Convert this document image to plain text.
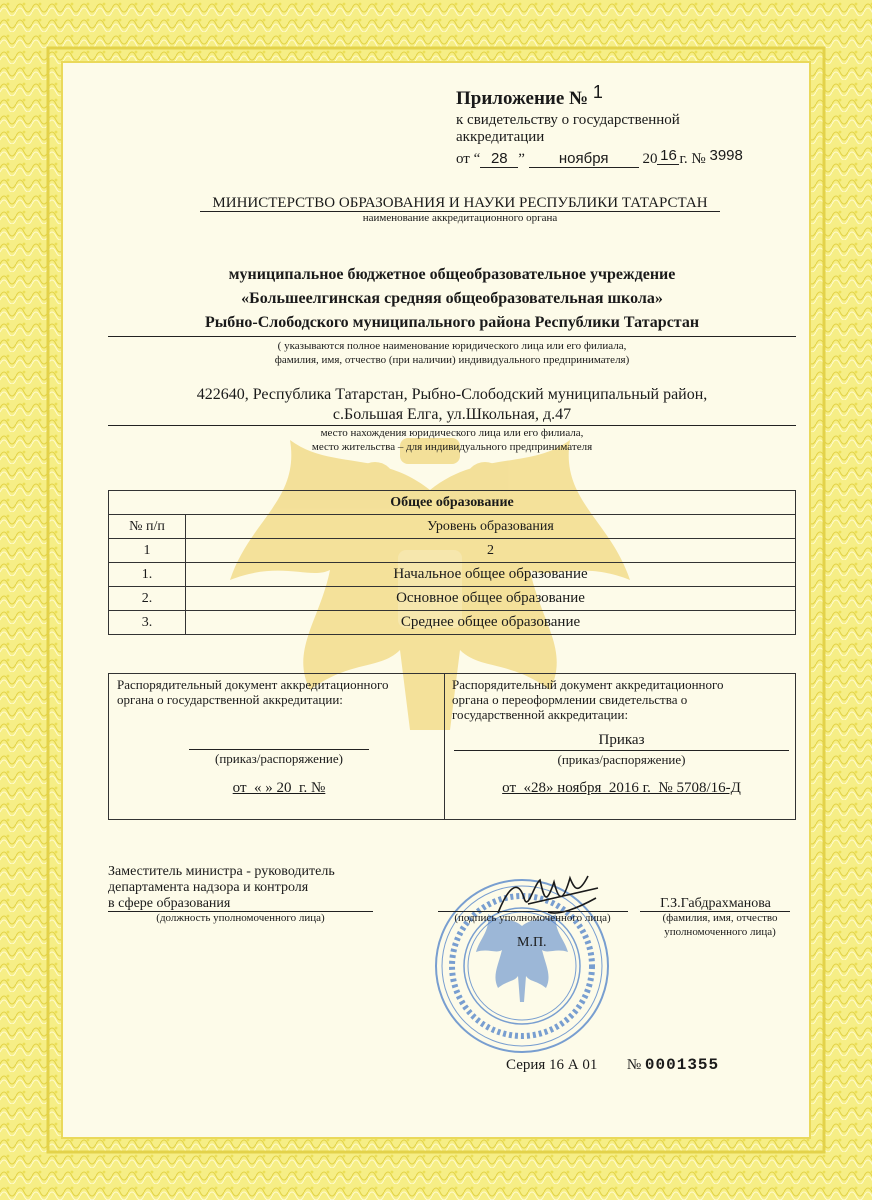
Приложение № 1
к свидетельству о государственной
аккредитации
от “ 28 ” ноября 20 16 г. № 3998
МИНИСТЕРСТВО ОБРАЗОВАНИЯ И НАУКИ РЕСПУБЛИКИ ТАТАРСТАН
наименование аккредитационного органа
муниципальное бюджетное общеобразовательное учреждение
«Большеелгинская средняя общеобразовательная школа»
Рыбно-Слободского муниципального района Республики Татарстан
( указываются полное наименование юридического лица или его филиала,
фамилия, имя, отчество (при наличии) индивидуального предпринимателя)
422640, Республика Татарстан, Рыбно-Слободский муниципальный район,
с.Большая Елга, ул.Школьная, д.47
место нахождения юридического лица или его филиала,
место жительства – для индивидуального предпринимателя
Общее образование	
№ п/п	Уровень образования
1	2
1.	Начальное общее образование
2.	Основное общее образование
3.	Среднее общее образование
Распорядительный документ аккредитационного
органа о государственной аккредитации:
(приказ/распоряжение)
от  « » 20  г. №
Распорядительный документ аккредитационного
органа о переоформлении свидетельства о
государственной аккредитации:
Приказ
(приказ/распоряжение)
от  «28» ноября  2016 г.  № 5708/16-Д
Заместитель министра - руководитель
департамента надзора и контроля
в сфере образования
(должность уполномоченного лица)	(подпись уполномоченного лица)
М.П.
Г.З.Габдрахманова
(фамилия, имя, отчество
уполномоченного лица)
Серия 16 А 01 № 0001355
